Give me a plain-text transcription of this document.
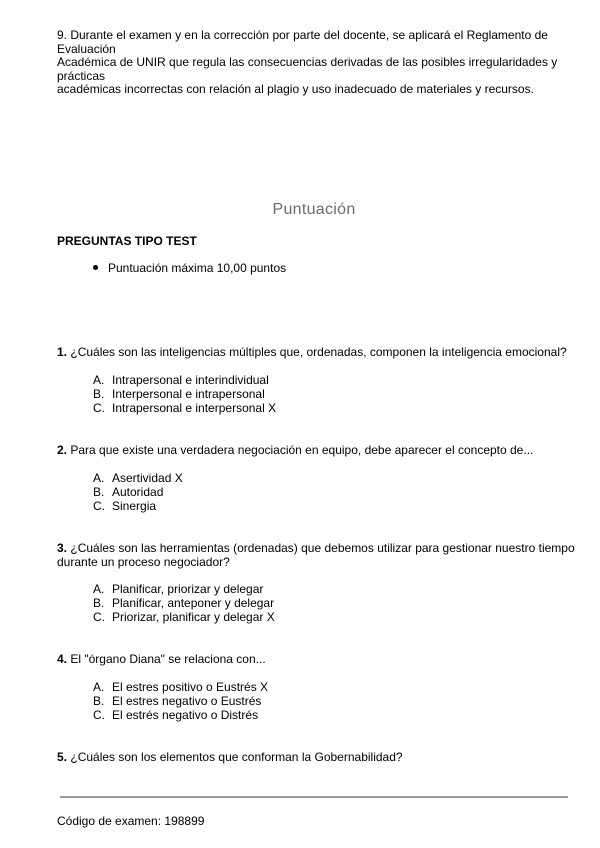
9. Durante el examen y en la corrección por parte del docente, se aplicará el Reglamento de
Evaluación
Académica de UNIR que regula las consecuencias derivadas de las posibles irregularidades y
prácticas
académicas incorrectas con relación al plagio y uso inadecuado de materiales y recursos.
Puntuación
PREGUNTAS TIPO TEST
Puntuación máxima 10,00 puntos
1. ¿Cuáles son las inteligencias múltiples que, ordenadas, componen la inteligencia emocional?
A. Intrapersonal e interindividual
B. Interpersonal e intrapersonal
C. Intrapersonal e interpersonal X
2. Para que existe una verdadera negociación en equipo, debe aparecer el concepto de...
A. Asertividad X
B. Autoridad
C. Sinergia
3. ¿Cuáles son las herramientas (ordenadas) que debemos utilizar para gestionar nuestro tiempo durante un proceso negociador?
A. Planificar, priorizar y delegar
B. Planificar, anteponer y delegar
C. Priorizar, planificar y delegar X
4. El "órgano Diana" se relaciona con...
A. El estres positivo o Eustrés X
B. El estres negativo o Eustrés
C. El estrés negativo o Distrés
5. ¿Cuáles son los elementos que conforman la Gobernabilidad?
Código de examen: 198899
